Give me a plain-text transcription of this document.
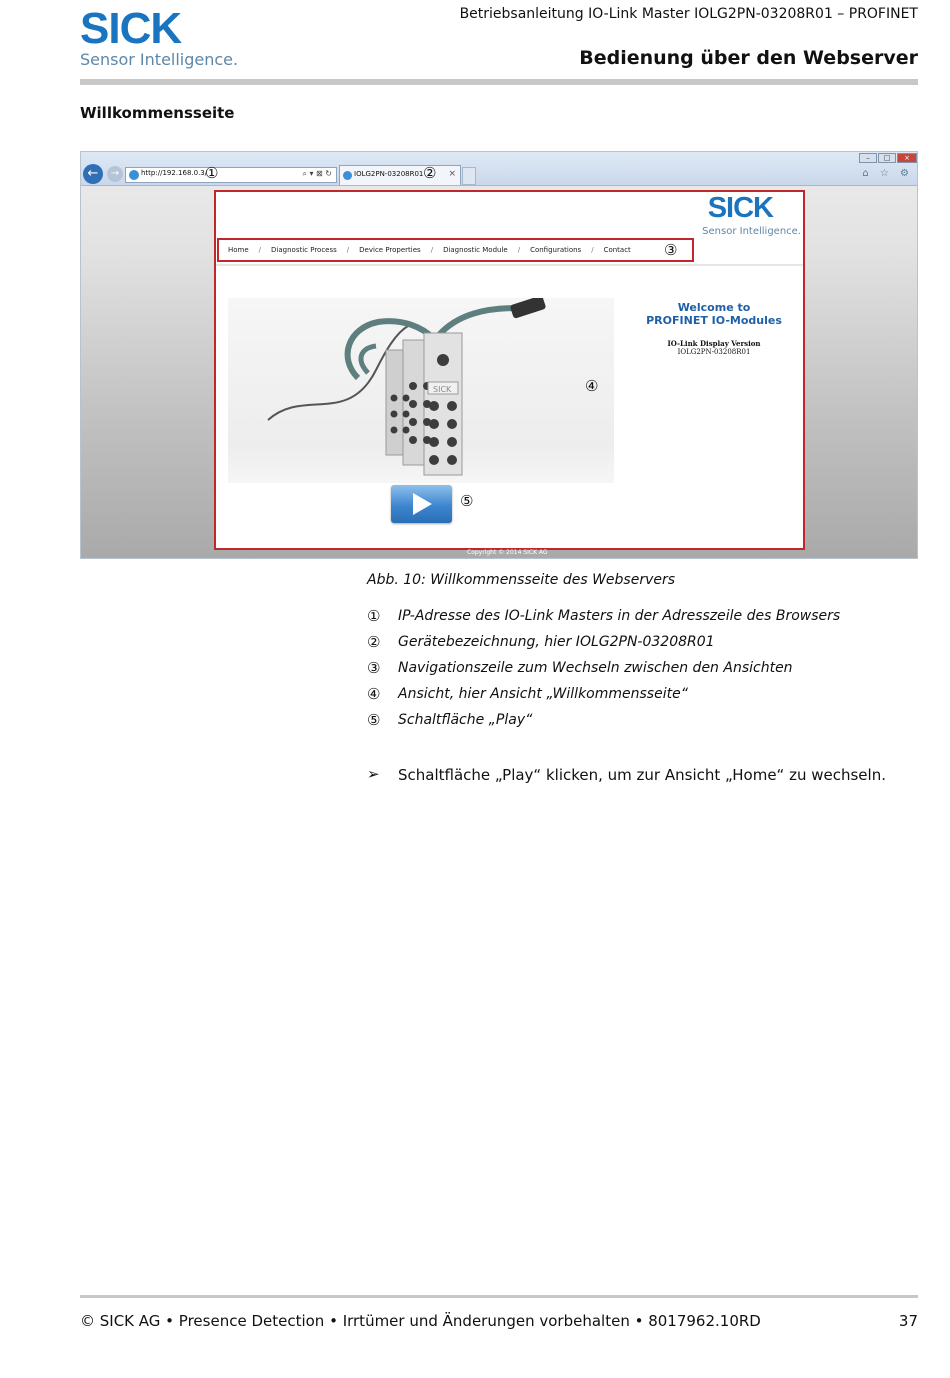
SICK
Sensor Intelligence.
Betriebsanleitung IO-Link Master IOLG2PN-03208R01 – PROFINET
Bedienung über den Webserver
Willkommensseite
←	→	http://192.168.0.3/	⌕ ▾ ⊠ ↻	IOLG2PN-03208R01	×
–	□	×
⌂ ☆ ⚙
①	②
SICK
Sensor Intelligence.
Home / Diagnostic Process / Device Properties / Diagnostic Module / Configurations / Contact ③
SICK	④
Welcome to
PROFINET IO-Modules
IO-Link Display Version
IOLG2PN-03208R01
⑤
Copyright © 2014 SICK AG
Abb. 10: Willkommensseite des Webservers
① IP-Adresse des IO-Link Masters in der Adresszeile des Browsers
② Gerätebezeichnung, hier IOLG2PN-03208R01
③ Navigationszeile zum Wechseln zwischen den Ansichten
④ Ansicht, hier Ansicht „Willkommensseite“
⑤ Schaltfläche „Play“
➢ Schaltfläche „Play“ klicken, um zur Ansicht „Home“ zu wechseln.
© SICK AG • Presence Detection • Irrtümer und Änderungen vorbehalten • 8017962.10RD	37
